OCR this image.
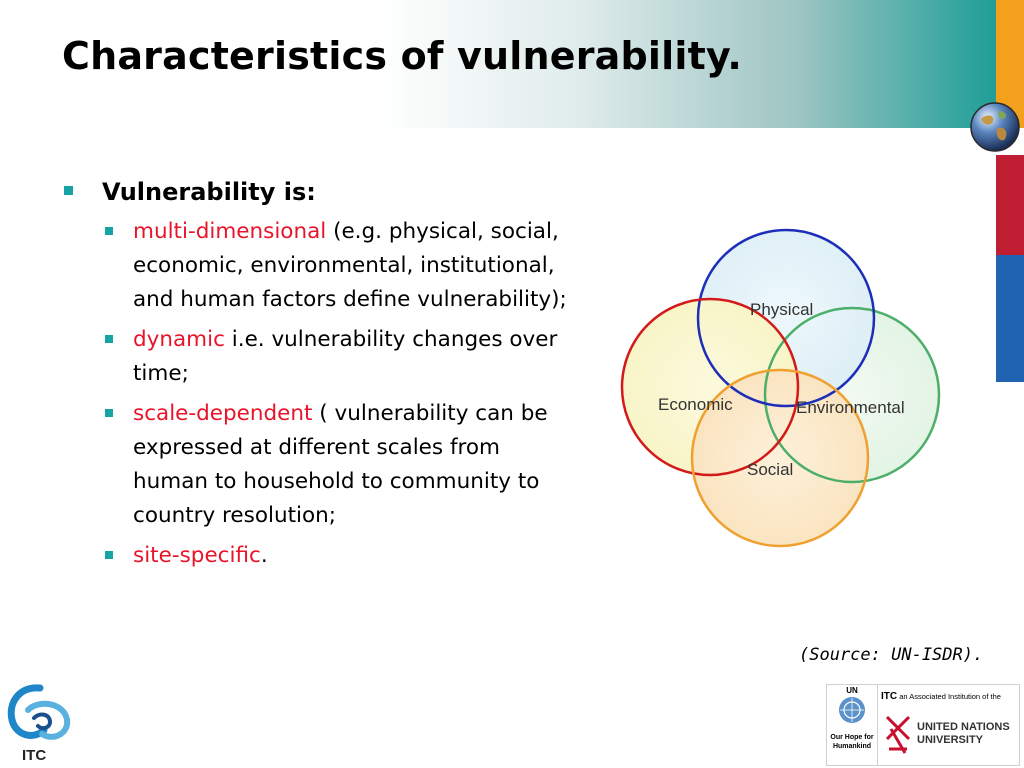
Characteristics of vulnerability.
Vulnerability is:
multi-dimensional (e.g. physical, social, economic, environmental, institutional, and human factors define vulnerability);
dynamic i.e. vulnerability changes over time;
scale-dependent ( vulnerability can be expressed at different scales from human to household to community to country resolution;
site-specific.
Physical
Economic	Environmental
Social
(Source: UN-ISDR).
ITC
UN
Our Hope for Humankind
ITC an Associated Institution of the
UNITED NATIONS
UNIVERSITY
